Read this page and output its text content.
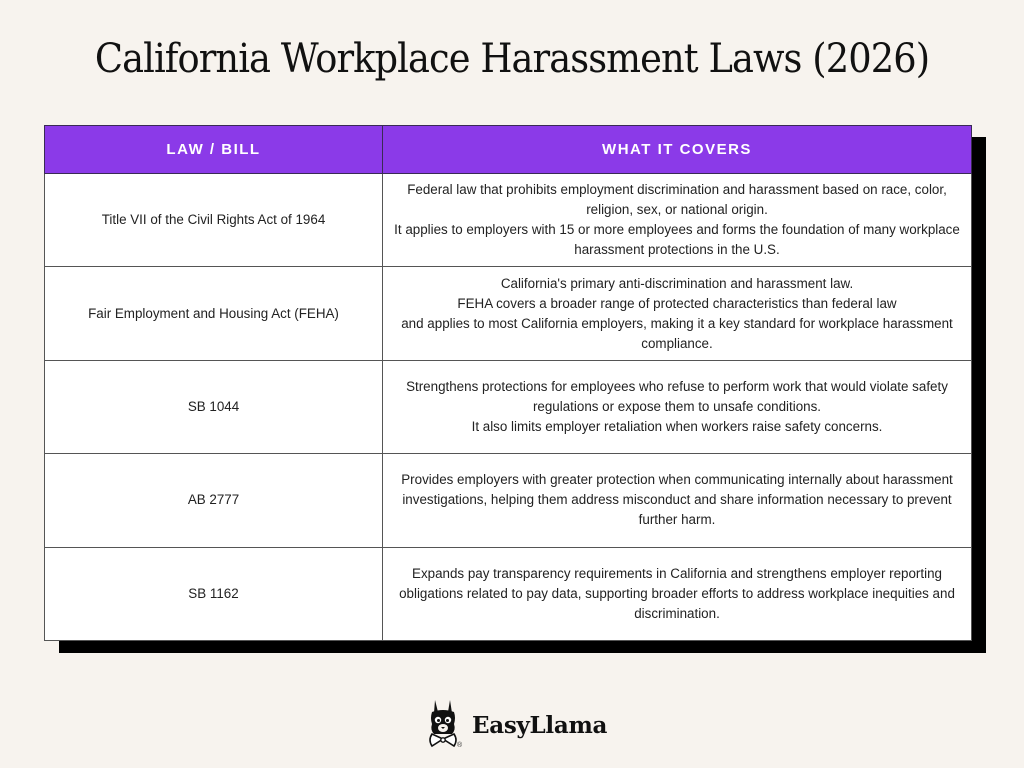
California Workplace Harassment Laws (2026)
LAW / BILL	WHAT IT COVERS
Title VII of the Civil Rights Act of 1964	Federal law that prohibits employment discrimination and harassment based on race, color, religion, sex, or national origin.
It applies to employers with 15 or more employees and forms the foundation of many workplace harassment protections in the U.S.

Fair Employment and Housing Act (FEHA)	California's primary anti-discrimination and harassment law.
FEHA covers a broader range of protected characteristics than federal law
and applies to most California employers, making it a key standard for workplace harassment compliance.

SB 1044	Strengthens protections for employees who refuse to perform work that would violate safety regulations or expose them to unsafe conditions.
It also limits employer retaliation when workers raise safety concerns.

AB 2777	Provides employers with greater protection when communicating internally about harassment investigations, helping them address misconduct and share information necessary to prevent further harm.

SB 1162	Expands pay transparency requirements in California and strengthens employer reporting obligations related to pay data, supporting broader efforts to address workplace inequities and discrimination.
®
EasyLlama
